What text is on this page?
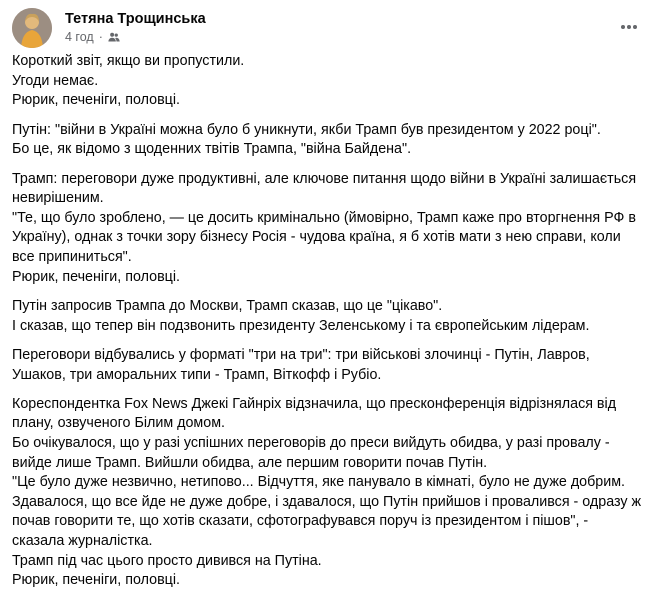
Тетяна Трощинська
4 год ·

Короткий звіт, якщо ви пропустили.
Угоди немає.
Рюрик, печеніги, половці.

Путін: "війни в Україні можна було б уникнути, якби Трамп був президентом у 2022 році".
Бо це, як відомо з щоденних твітів Трампа, "війна Байдена".

Трамп: переговори дуже продуктивні, але ключове питання щодо війни в Україні залишається невирішеним.
"Те, що було зроблено, — це досить кримінально (ймовірно, Трамп каже про вторгнення РФ в Україну), однак з точки зору бізнесу Росія - чудова країна, я б хотів мати з нею справи, коли все припиниться".
Рюрик, печеніги, половці.

Путін запросив Трампа до Москви, Трамп сказав, що це "цікаво".
І сказав, що тепер він подзвонить президенту Зеленському і та європейським лідерам.

Переговори відбувались у форматі "три на три": три військові злочинці - Путін, Лавров, Ушаков, три аморальних типи - Трамп, Віткофф і Рубіо.

Кореспондентка Fox News Джекі Гайнріх відзначила, що пресконференція відрізнялася від плану, озвученого Білим домом.
Бо очікувалося, що у разі успішних переговорів до преси вийдуть обидва, у разі провалу - вийде лише Трамп. Вийшли обидва, але першим говорити почав Путін.
"Це було дуже незвично, нетипово... Відчуття, яке панувало в кімнаті, було не дуже добрим. Здавалося, що все йде не дуже добре, і здавалося, що Путін прийшов і провалився - одразу ж почав говорити те, що хотів сказати, сфотографувався поруч із президентом і пішов", - сказала журналістка.
Трамп під час цього просто дивився на Путіна.
Рюрик, печеніги, половці.
